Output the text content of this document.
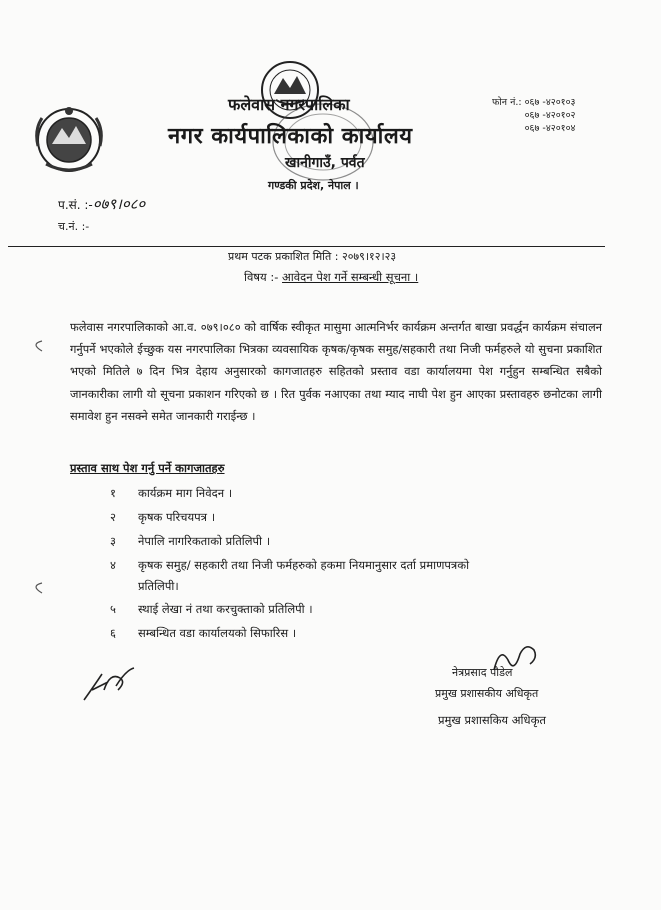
फलेवास नगरपालिका
नगर कार्यपालिकाको कार्यालय
खानीगाउँ, पर्वत
गण्डकी प्रदेश, नेपाल ।
फोन नं.: ०६७ -४२०१०३
०६७ -४२०१०२
०६७ -४२०१०४
प.सं. :-०७९।०८०
च.नं. :-
प्रथम पटक प्रकाशित मिति : २०७९।१२।२३
विषय :- आवेदन पेश गर्ने सम्बन्धी सूचना ।
फलेवास नगरपालिकाको आ.व. ०७९।०८० को वार्षिक स्वीकृत मासुमा आत्मनिर्भर कार्यक्रम अन्तर्गत बाखा प्रवर्द्धन कार्यक्रम संचालन गर्नुपर्ने भएकोले ईच्छुक यस नगरपालिका भित्रका व्यवसायिक कृषक/कृषक समुह/सहकारी तथा निजी फर्महरुले यो सुचना प्रकाशित भएको मितिले ७ दिन भित्र देहाय अनुसारको कागजातहरु सहितको प्रस्ताव वडा कार्यालयमा पेश गर्नुहुन सम्बन्धित सबैको जानकारीका लागी यो सूचना प्रकाशन गरिएको छ । रित पुर्वक नआएका तथा म्याद नाघी पेश हुन आएका प्रस्तावहरु छनोटका लागी समावेश हुन नसक्ने समेत जानकारी गराईन्छ ।
प्रस्ताव साथ पेश गर्नु पर्ने कागजातहरु
१ कार्यक्रम माग निवेदन ।
२ कृषक परिचयपत्र ।
३ नेपालि नागरिकताको प्रतिलिपी ।
४ कृषक समुह/ सहकारी तथा निजी फर्महरुको हकमा नियमानुसार दर्ता प्रमाणपत्रको
प्रतिलिपी।
५ स्थाई लेखा नं तथा करचुक्ताको प्रतिलिपी ।
६ सम्बन्धित वडा कार्यालयको सिफारिस ।
नेत्रप्रसाद पौडेल
प्रमुख प्रशासकीय अधिकृत
प्रमुख प्रशासकिय अधिकृत
